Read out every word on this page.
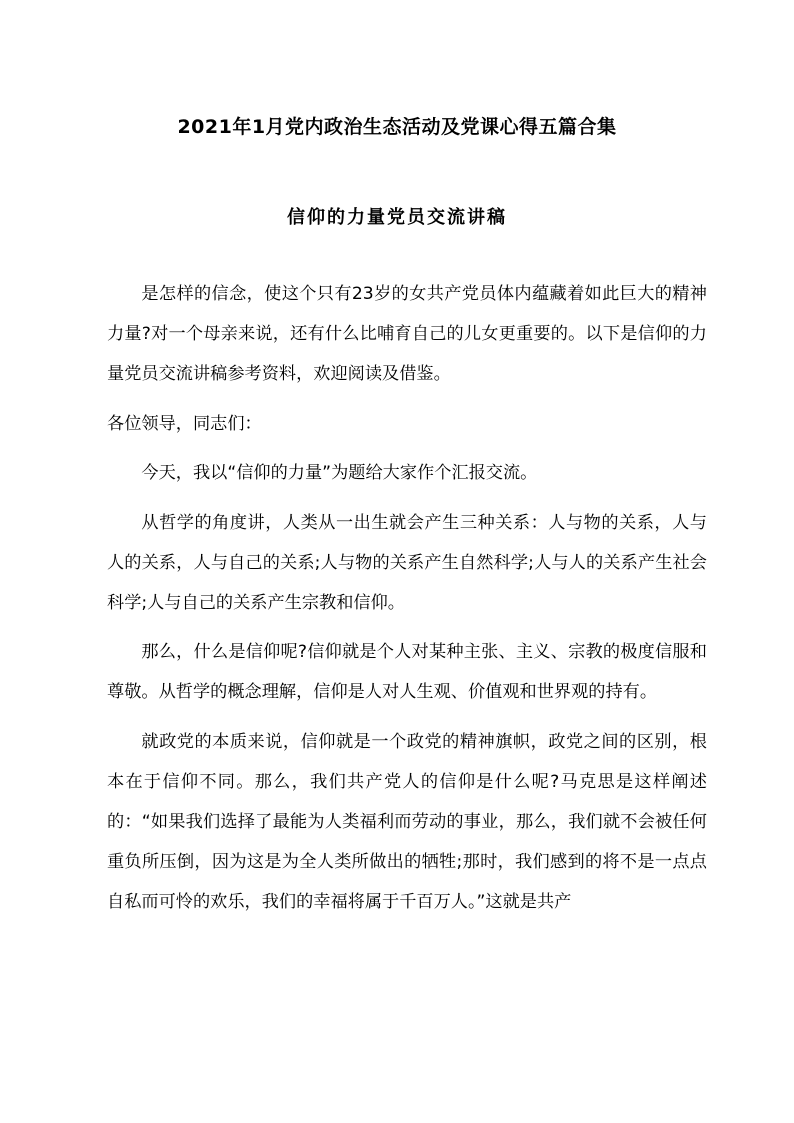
2021年1月党内政治生态活动及党课心得五篇合集
信仰的力量党员交流讲稿

是怎样的信念，使这个只有23岁的女共产党员体内蕴藏着如此巨大的精神力量?对一个母亲来说，还有什么比哺育自己的儿女更重要的。以下是信仰的力量党员交流讲稿参考资料，欢迎阅读及借鉴。

各位领导，同志们：

今天，我以“信仰的力量”为题给大家作个汇报交流。

从哲学的角度讲，人类从一出生就会产生三种关系：人与物的关系，人与人的关系，人与自己的关系;人与物的关系产生自然科学;人与人的关系产生社会科学;人与自己的关系产生宗教和信仰。

那么，什么是信仰呢?信仰就是个人对某种主张、主义、宗教的极度信服和尊敬。从哲学的概念理解，信仰是人对人生观、价值观和世界观的持有。

就政党的本质来说，信仰就是一个政党的精神旗帜，政党之间的区别，根本在于信仰不同。那么，我们共产党人的信仰是什么呢?马克思是这样阐述的：“如果我们选择了最能为人类福利而劳动的事业，那么，我们就不会被任何重负所压倒，因为这是为全人类所做出的牺牲;那时，我们感到的将不是一点点自私而可怜的欢乐，我们的幸福将属于千百万人。”这就是共产
